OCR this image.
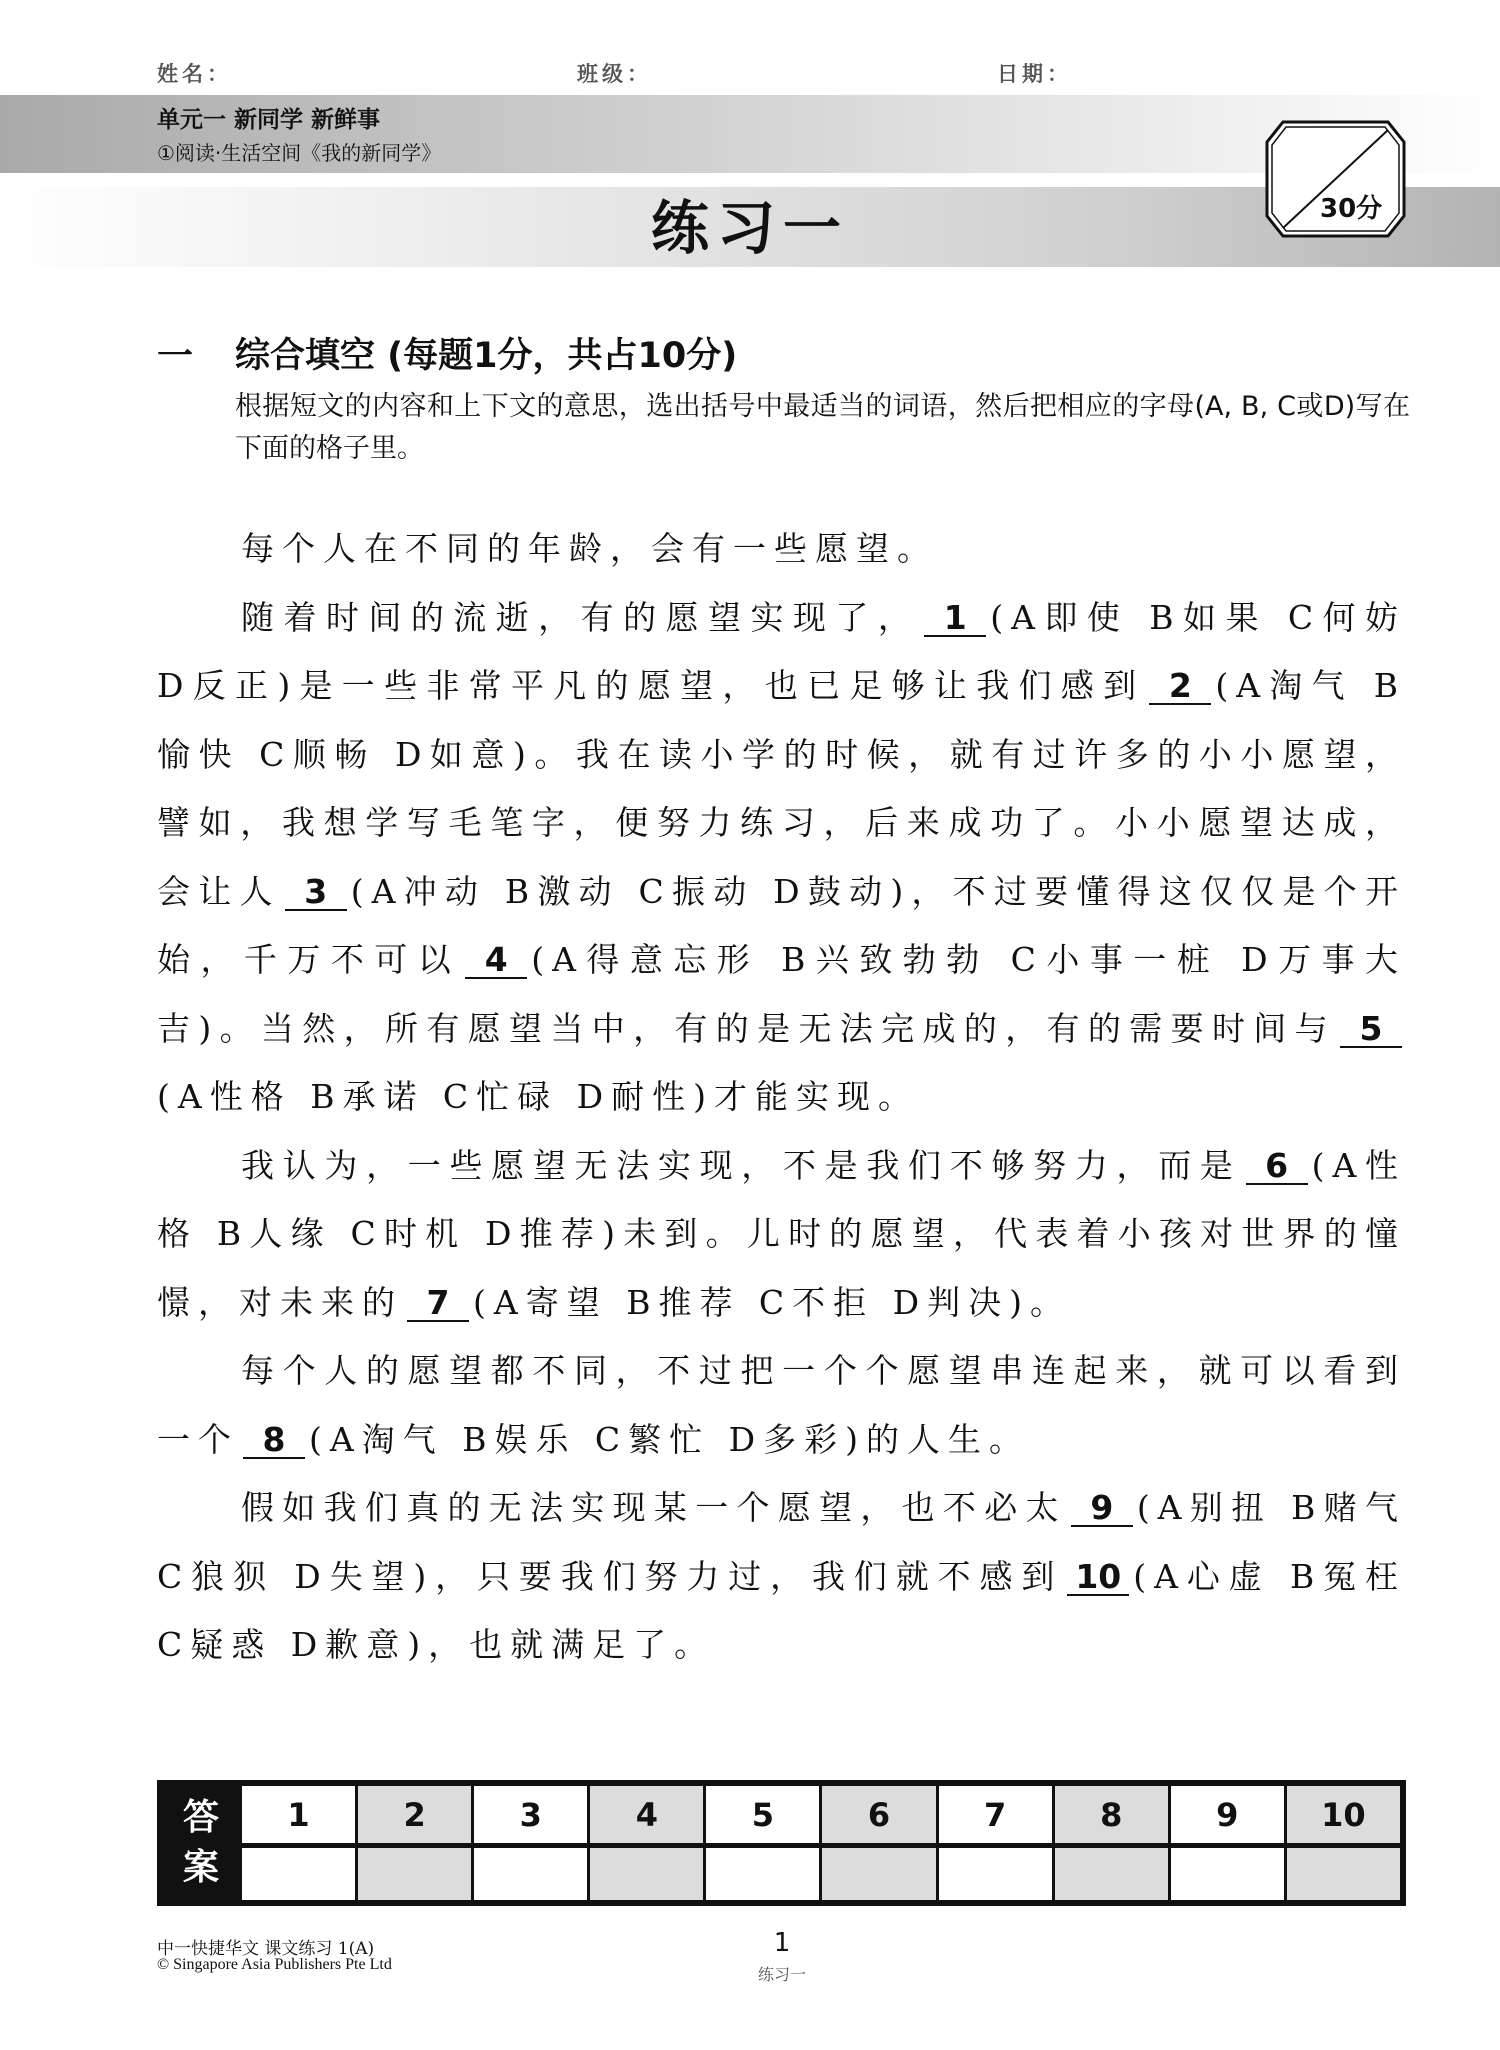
姓名：	班级：	日期：
单元一 新同学 新鲜事
①阅读·生活空间《我的新同学》
练习一	30分
一 综合填空 (每题1分，共占10分)
根据短文的内容和上下文的意思，选出括号中最适当的词语，然后把相应的字母(A, B, C或D)写在下面的格子里。

每个人在不同的年龄，会有一些愿望。

随着时间的流逝，有的愿望实现了， 1 (A即使 B如果 C何妨 D反正)是一些非常平凡的愿望，也已足够让我们感到 2 (A淘气 B愉快 C顺畅 D如意)。我在读小学的时候，就有过许多的小小愿望，譬如，我想学写毛笔字，便努力练习，后来成功了。小小愿望达成，会让人 3 (A冲动 B激动 C振动 D鼓动)，不过要懂得这仅仅是个开始，千万不可以 4 (A得意忘形 B兴致勃勃 C小事一桩 D万事大吉)。当然，所有愿望当中，有的是无法完成的，有的需要时间与 5(A性格 B承诺 C忙碌 D耐性)才能实现。

我认为，一些愿望无法实现，不是我们不够努力，而是 6 (A性格 B人缘 C时机 D推荐)未到。儿时的愿望，代表着小孩对世界的憧憬，对未来的 7 (A寄望 B推荐 C不拒 D判决)。

每个人的愿望都不同，不过把一个个愿望串连起来，就可以看到一个 8 (A淘气 B娱乐 C繁忙 D多彩)的人生。

假如我们真的无法实现某一个愿望，也不必太 9 (A别扭 B赌气 C狼狈 D失望)，只要我们努力过，我们就不感到 10 (A心虚 B冤枉 C疑惑 D歉意)，也就满足了。

答
案
1	2	3	4	5	6	7	8	9	10
中一快捷华文 课文练习 1(A)
© Singapore Asia Publishers Pte Ltd
1
练习一
